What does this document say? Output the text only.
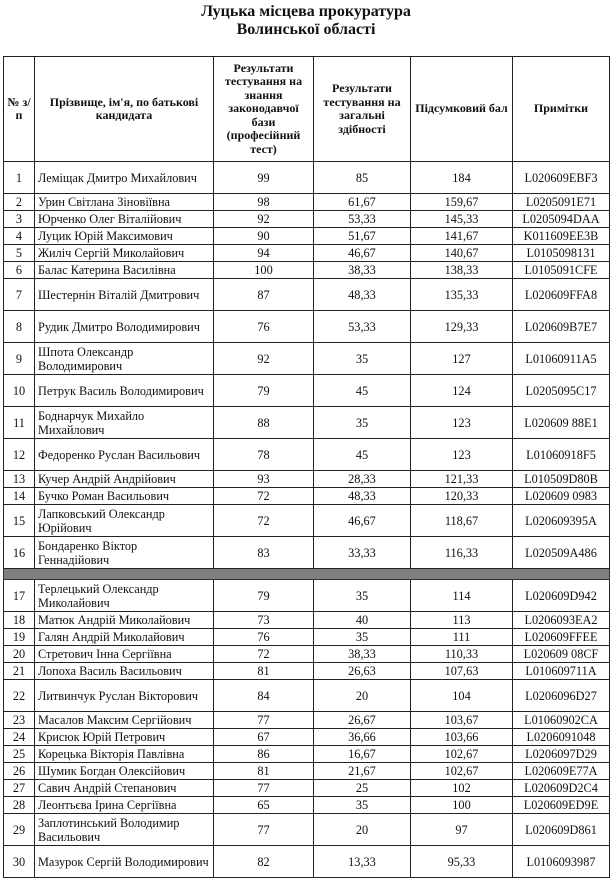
Луцька місцева прокуратура
Волинської області
№ з/п	Прізвище, ім'я, по батькові кандидата	Результати тестування на знання законодавчої бази (професійний тест)	Результати тестування на загальні здібності	Підсумковий бал	Примітки
1	Леміщак Дмитро Михайлович	99	85	184	L020609EBF3
2	Урин Світлана Зіновіївна	98	61,67	159,67	L0205091E71
3	Юрченко Олег Віталійович	92	53,33	145,33	L0205094DAA
4	Луцик Юрій Максимович	90	51,67	141,67	K011609EE3B
5	Жиліч Сергій Миколайович	94	46,67	140,67	L0105098131
6	Балас Катерина Василівна	100	38,33	138,33	L0105091CFE
7	Шестернін Віталій Дмитрович	87	48,33	135,33	L020609FFA8
8	Рудик Дмитро Володимирович	76	53,33	129,33	L020609B7E7
9	Шпота Олександр Володимирович	92	35	127	L01060911A5
10	Петрук Василь Володимирович	79	45	124	L0205095C17
11	Боднарчук Михайло Михайлович	88	35	123	L020609 88E1
12	Федоренко Руслан Васильович	78	45	123	L01060918F5
13	Кучер Андрій Андрійович	93	28,33	121,33	L010509D80B
14	Бучко Роман Васильович	72	48,33	120,33	L020609 0983
15	Лапковський Олександр Юрійович	72	46,67	118,67	L020609395A
16	Бондаренко Віктор Геннадійович	83	33,33	116,33	L020509A486

17	Терлецький Олександр Миколайович	79	35	114	L020609D942
18	Матюк Андрій Миколайович	73	40	113	L0206093EA2
19	Галян Андрій Миколайович	76	35	111	L020609FFEE
20	Стретович Інна Сергіївна	72	38,33	110,33	L020609 08CF
21	Лопоха Василь Васильович	81	26,63	107,63	L010609711A
22	Литвинчук Руслан Вікторович	84	20	104	L0206096D27
23	Масалов Максим Сергійович	77	26,67	103,67	L01060902CA
24	Крисюк Юрій Петрович	67	36,66	103,66	L0206091048
25	Корецька Вікторія Павлівна	86	16,67	102,67	L0206097D29
26	Шумик Богдан Олексійович	81	21,67	102,67	L020609E77A
27	Савич Андрій Степанович	77	25	102	L020609D2C4
28	Леонтьєва Ірина Сергіївна	65	35	100	L020609ED9E
29	Заплотинський Володимир Васильович	77	20	97	L020609D861
30	Мазурок Сергій Володимирович	82	13,33	95,33	L0106093987
